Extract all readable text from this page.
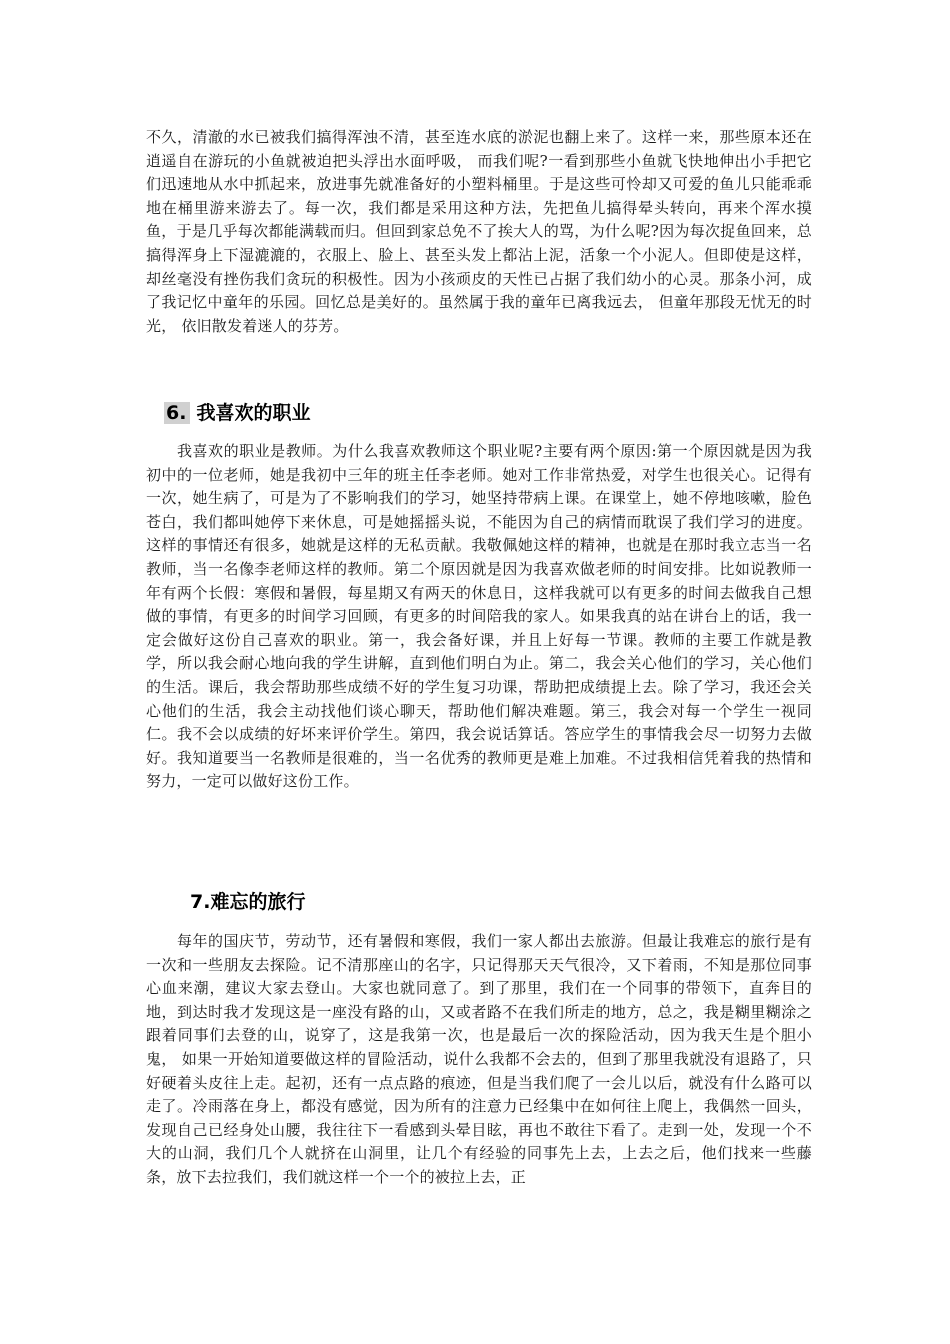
不久，清澈的水已被我们搞得浑浊不清，甚至连水底的淤泥也翻上来了。这样一来，那些原本还在逍遥自在游玩的小鱼就被迫把头浮出水面呼吸， 而我们呢?一看到那些小鱼就飞快地伸出小手把它们迅速地从水中抓起来，放进事先就准备好的小塑料桶里。于是这些可怜却又可爱的鱼儿只能乖乖地在桶里游来游去了。每一次，我们都是采用这种方法，先把鱼儿搞得晕头转向，再来个浑水摸鱼，于是几乎每次都能满载而归。但回到家总免不了挨大人的骂，为什么呢?因为每次捉鱼回来，总搞得浑身上下湿漉漉的，衣服上、脸上、甚至头发上都沾上泥，活象一个小泥人。但即使是这样，却丝毫没有挫伤我们贪玩的积极性。因为小孩顽皮的天性已占据了我们幼小的心灵。那条小河，成了我记忆中童年的乐园。回忆总是美好的。虽然属于我的童年已离我远去， 但童年那段无忧无的时光， 依旧散发着迷人的芬芳。

6. 我喜欢的职业

我喜欢的职业是教师。为什么我喜欢教师这个职业呢?主要有两个原因:第一个原因就是因为我初中的一位老师，她是我初中三年的班主任李老师。她对工作非常热爱，对学生也很关心。记得有一次，她生病了，可是为了不影响我们的学习，她坚持带病上课。在课堂上，她不停地咳嗽，脸色苍白，我们都叫她停下来休息，可是她摇摇头说，不能因为自己的病情而耽误了我们学习的进度。这样的事情还有很多，她就是这样的无私贡献。我敬佩她这样的精神，也就是在那时我立志当一名教师，当一名像李老师这样的教师。第二个原因就是因为我喜欢做老师的时间安排。比如说教师一年有两个长假：寒假和暑假，每星期又有两天的休息日，这样我就可以有更多的时间去做我自己想做的事情，有更多的时间学习回顾，有更多的时间陪我的家人。如果我真的站在讲台上的话，我一定会做好这份自己喜欢的职业。第一，我会备好课，并且上好每一节课。教师的主要工作就是教学，所以我会耐心地向我的学生讲解，直到他们明白为止。第二，我会关心他们的学习，关心他们的生活。课后，我会帮助那些成绩不好的学生复习功课，帮助把成绩提上去。除了学习，我还会关心他们的生活，我会主动找他们谈心聊天，帮助他们解决难题。第三，我会对每一个学生一视同仁。我不会以成绩的好坏来评价学生。第四，我会说话算话。答应学生的事情我会尽一切努力去做好。我知道要当一名教师是很难的，当一名优秀的教师更是难上加难。不过我相信凭着我的热情和努力，一定可以做好这份工作。

7.难忘的旅行

每年的国庆节，劳动节，还有暑假和寒假，我们一家人都出去旅游。但最让我难忘的旅行是有一次和一些朋友去探险。记不清那座山的名字，只记得那天天气很冷，又下着雨，不知是那位同事心血来潮，建议大家去登山。大家也就同意了。到了那里，我们在一个同事的带领下，直奔目的地，到达时我才发现这是一座没有路的山，又或者路不在我们所走的地方，总之，我是糊里糊涂之跟着同事们去登的山，说穿了，这是我第一次，也是最后一次的探险活动，因为我天生是个胆小鬼， 如果一开始知道要做这样的冒险活动，说什么我都不会去的，但到了那里我就没有退路了，只好硬着头皮往上走。起初，还有一点点路的痕迹，但是当我们爬了一会儿以后，就没有什么路可以走了。冷雨落在身上，都没有感觉，因为所有的注意力已经集中在如何往上爬上，我偶然一回头，发现自己已经身处山腰，我往往下一看感到头晕目眩，再也不敢往下看了。走到一处，发现一个不大的山洞，我们几个人就挤在山洞里，让几个有经验的同事先上去，上去之后，他们找来一些藤条，放下去拉我们，我们就这样一个一个的被拉上去，正
